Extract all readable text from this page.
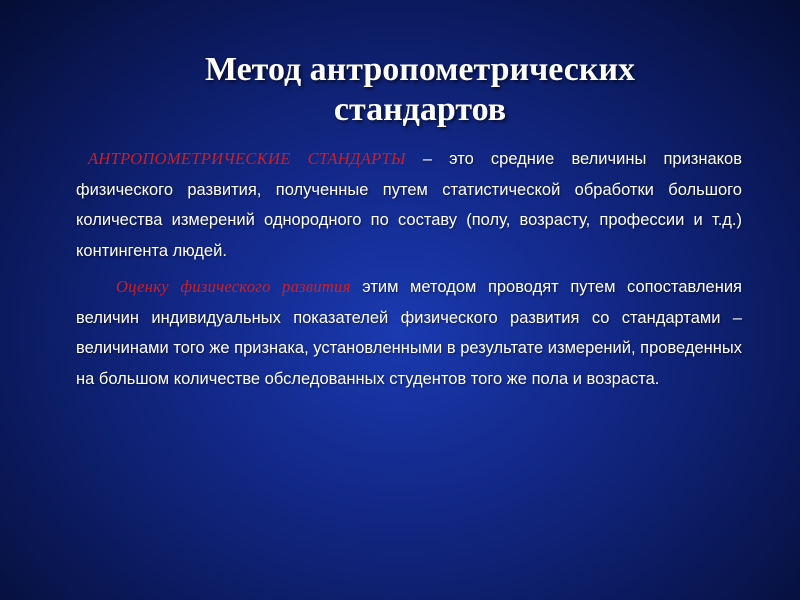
Метод антропометрических
стандартов

АНТРОПОМЕТРИЧЕСКИЕ СТАНДАРТЫ – это средние величины признаков физического развития, полученные путем статистической обработки большого количества измерений однородного по составу (полу, возрасту, профессии и т.д.) контингента людей.

Оценку физического развития этим методом проводят путем сопоставления величин индивидуальных показателей физического развития со стандартами – величинами того же признака, установленными в результате измерений, проведенных на большом количестве обследованных студентов того же пола и возраста.
